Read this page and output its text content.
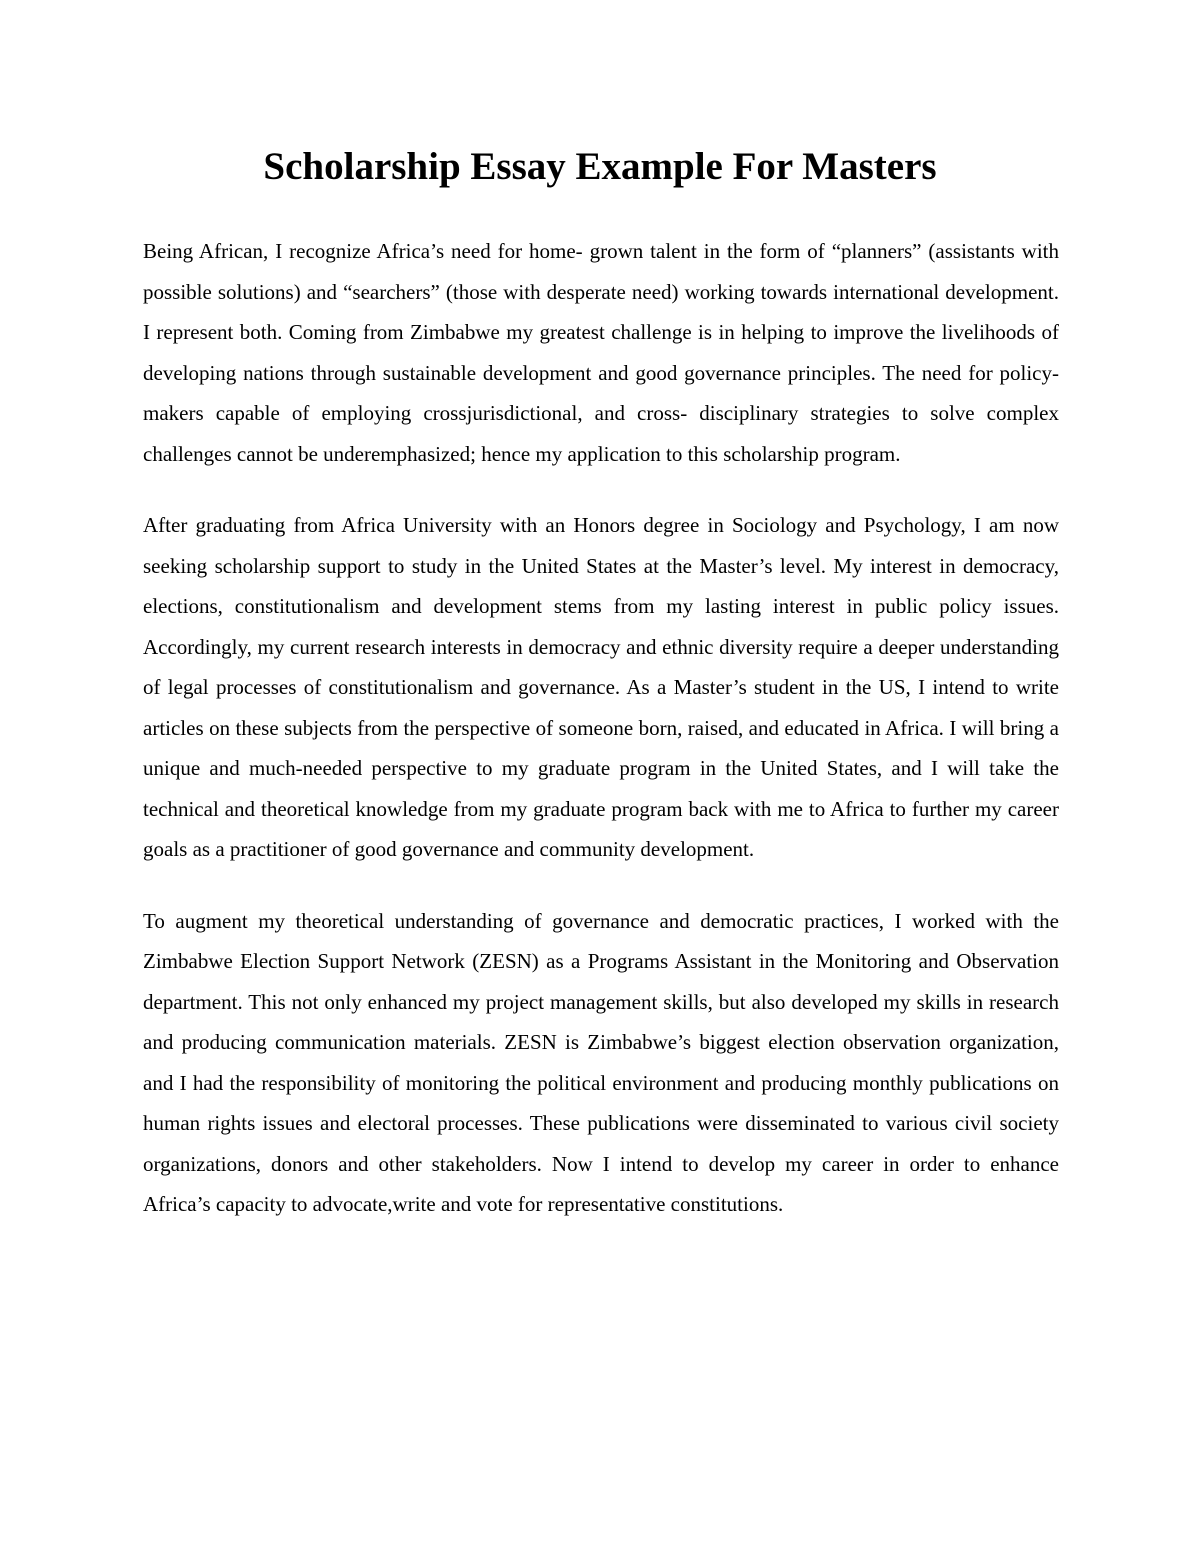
Scholarship Essay Example For Masters

Being African, I recognize Africa’s need for home- grown talent in the form of “planners” (assistants with possible solutions) and “searchers” (those with desperate need) working towards international development. I represent both. Coming from Zimbabwe my greatest challenge is in helping to improve the livelihoods of developing nations through sustainable development and good governance principles. The need for policy-makers capable of employing crossjurisdictional, and cross- disciplinary strategies to solve complex challenges cannot be underemphasized; hence my application to this scholarship program.

After graduating from Africa University with an Honors degree in Sociology and Psychology, I am now seeking scholarship support to study in the United States at the Master’s level. My interest in democracy, elections, constitutionalism and development stems from my lasting interest in public policy issues. Accordingly, my current research interests in democracy and ethnic diversity require a deeper understanding of legal processes of constitutionalism and governance. As a Master’s student in the US, I intend to write articles on these subjects from the perspective of someone born, raised, and educated in Africa. I will bring a unique and much-needed perspective to my graduate program in the United States, and I will take the technical and theoretical knowledge from my graduate program back with me to Africa to further my career goals as a practitioner of good governance and community development.

To augment my theoretical understanding of governance and democratic practices, I worked with the Zimbabwe Election Support Network (ZESN) as a Programs Assistant in the Monitoring and Observation department. This not only enhanced my project management skills, but also developed my skills in research and producing communication materials. ZESN is Zimbabwe’s biggest election observation organization, and I had the responsibility of monitoring the political environment and producing monthly publications on human rights issues and electoral processes. These publications were disseminated to various civil society organizations, donors and other stakeholders. Now I intend to develop my career in order to enhance Africa’s capacity to advocate,write and vote for representative constitutions.
